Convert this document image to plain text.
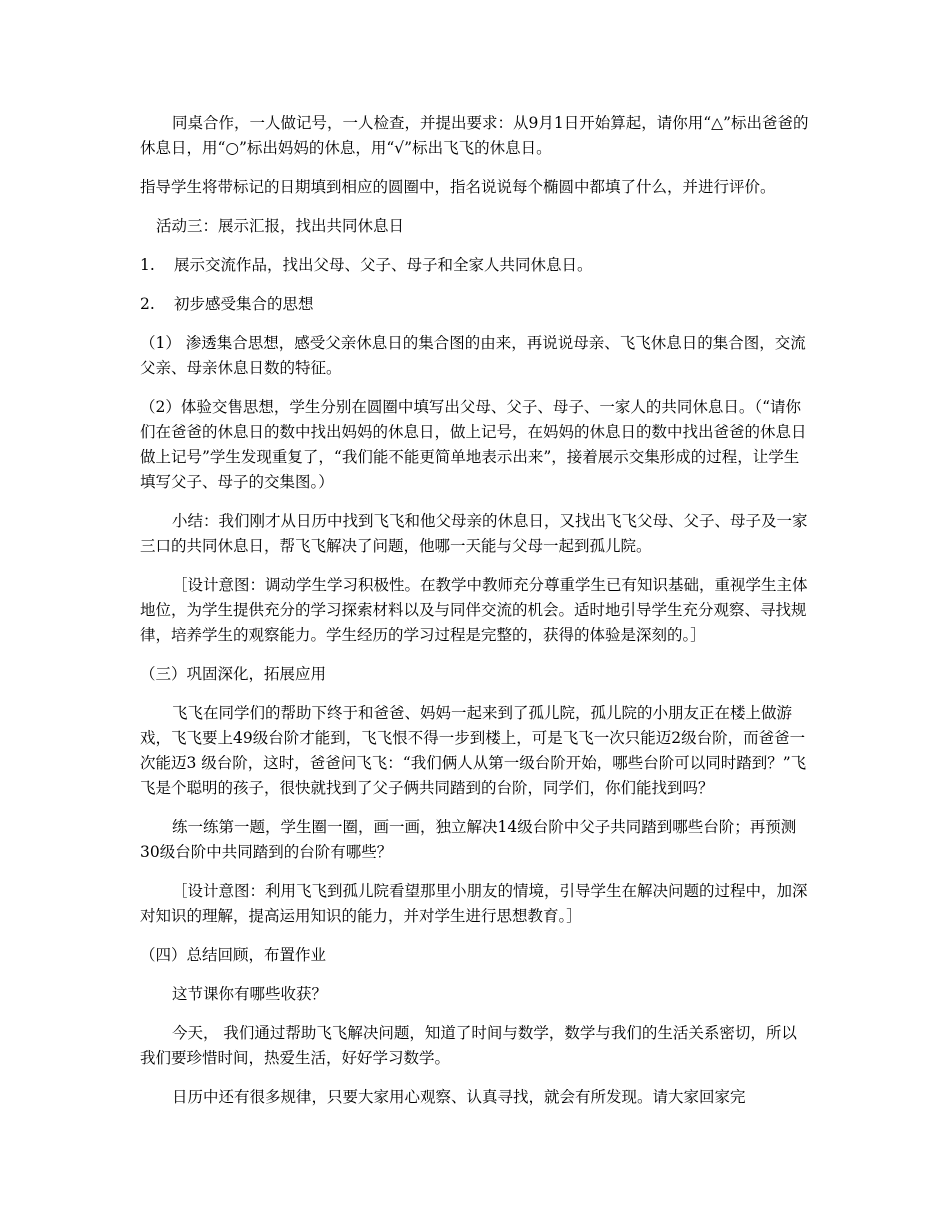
同桌合作，一人做记号，一人检查，并提出要求：从9月1日开始算起，请你用“△”标出爸爸的休息日，用“○”标出妈妈的休息，用“√”标出飞飞的休息日。

指导学生将带标记的日期填到相应的圆圈中，指名说说每个椭圆中都填了什么，并进行评价。

活动三：展示汇报，找出共同休息日

1.	展示交流作品，找出父母、父子、母子和全家人共同休息日。
2.	初步感受集合的思想

（1） 渗透集合思想，感受父亲休息日的集合图的由来，再说说母亲、飞飞休息日的集合图，交流父亲、母亲休息日数的特征。

（2）体验交售思想，学生分别在圆圈中填写出父母、父子、母子、一家人的共同休息日。（“请你们在爸爸的休息日的数中找出妈妈的休息日，做上记号，在妈妈的休息日的数中找出爸爸的休息日做上记号”学生发现重复了，“我们能不能更简单地表示出来”，接着展示交集形成的过程，让学生填写父子、母子的交集图。）

小结：我们刚才从日历中找到飞飞和他父母亲的休息日，又找出飞飞父母、父子、母子及一家三口的共同休息日，帮飞飞解决了问题，他哪一天能与父母一起到孤儿院。

［设计意图：调动学生学习积极性。在教学中教师充分尊重学生已有知识基础，重视学生主体地位，为学生提供充分的学习探索材料以及与同伴交流的机会。适时地引导学生充分观察、寻找规律，培养学生的观察能力。学生经历的学习过程是完整的，获得的体验是深刻的。］

（三）巩固深化，拓展应用

飞飞在同学们的帮助下终于和爸爸、妈妈一起来到了孤儿院，孤儿院的小朋友正在楼上做游戏，飞飞要上49级台阶才能到，飞飞恨不得一步到楼上，可是飞飞一次只能迈2级台阶，而爸爸一次能迈3 级台阶，这时，爸爸问飞飞：“我们俩人从第一级台阶开始，哪些台阶可以同时踏到？”飞飞是个聪明的孩子，很快就找到了父子俩共同踏到的台阶，同学们，你们能找到吗？

练一练第一题，学生圈一圈，画一画，独立解决14级台阶中父子共同踏到哪些台阶；再预测30级台阶中共同踏到的台阶有哪些？

［设计意图：利用飞飞到孤儿院看望那里小朋友的情境，引导学生在解决问题的过程中，加深对知识的理解，提高运用知识的能力，并对学生进行思想教育。］

（四）总结回顾，布置作业

这节课你有哪些收获？

今天， 我们通过帮助飞飞解决问题，知道了时间与数学，数学与我们的生活关系密切，所以我们要珍惜时间，热爱生活，好好学习数学。

日历中还有很多规律，只要大家用心观察、认真寻找，就会有所发现。请大家回家完
